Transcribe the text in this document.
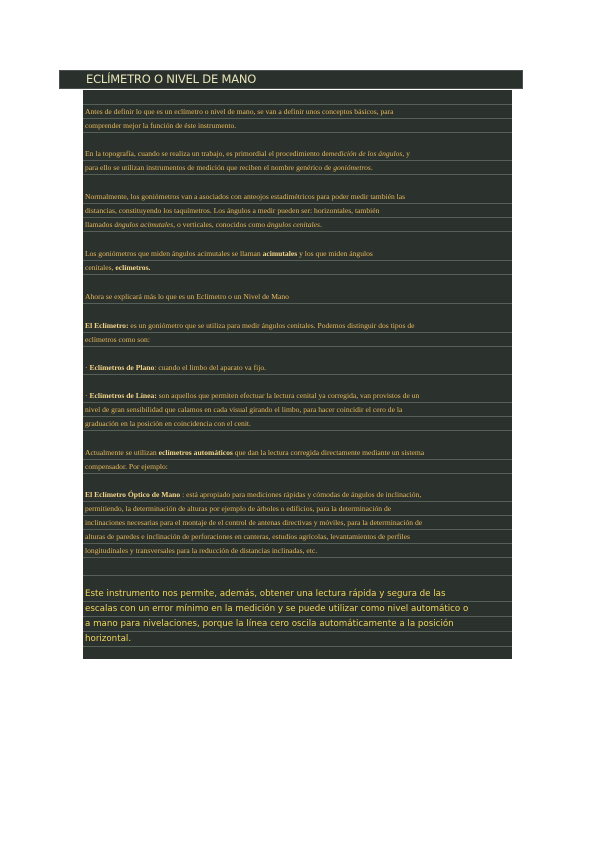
ECLÍMETRO O NIVEL DE MANO
Antes de definir lo que es un eclímetro o nivel de mano, se van a definir unos conceptos básicos, para
comprender mejor la función de éste instrumento.
En la topografía, cuando se realiza un trabajo, es primordial el procedimiento demedición de los ángulos, y
para ello se utilizan instrumentos de medición que reciben el nombre genérico de goniómetros.
Normalmente, los goniómetros van a asociados con anteojos estadimétricos para poder medir también las
distancias, constituyendo los taquímetros. Los ángulos a medir pueden ser: horizontales, también
llamados ángulos acimutales, o verticales, conocidos como ángulos cenitales.
Los goniómetros que miden ángulos acimutales se llaman acimutales y los que miden ángulos
cenitales, eclímetros.
Ahora se explicará más lo que es un Eclímetro o un Nivel de Mano
El Eclímetro: es un goniómetro que se utiliza para medir ángulos cenitales. Podemos distinguir dos tipos de
eclímetros como son:
· Eclímetros de Plano: cuando el limbo del aparato va fijo.
· Eclímetros de Línea: son aquellos que permiten efectuar la lectura cenital ya corregida, van provistos de un
nivel de gran sensibilidad que calamos en cada visual girando el limbo, para hacer coincidir el cero de la
graduación en la posición en coincidencia con el cenit.
Actualmente se utilizan eclímetros automáticos que dan la lectura corregida directamente mediante un sistema
compensador. Por ejemplo:
El Eclímetro Óptico de Mano : está apropiado para mediciones rápidas y cómodas de ángulos de inclinación,
permitiendo, la determinación de alturas por ejemplo de árboles o edificios, para la determinación de
inclinaciones necesarias para el montaje de el control de antenas directivas y móviles, para la determinación de
alturas de paredes e inclinación de perforaciones en canteras, estudios agrícolas, levantamientos de perfiles
longitudinales y transversales para la reducción de distancias inclinadas, etc.
Este instrumento nos permite, además, obtener una lectura rápida y segura de las
escalas con un error mínimo en la medición y se puede utilizar como nivel automático o
a mano para nivelaciones, porque la línea cero oscila automáticamente a la posición
horizontal.
